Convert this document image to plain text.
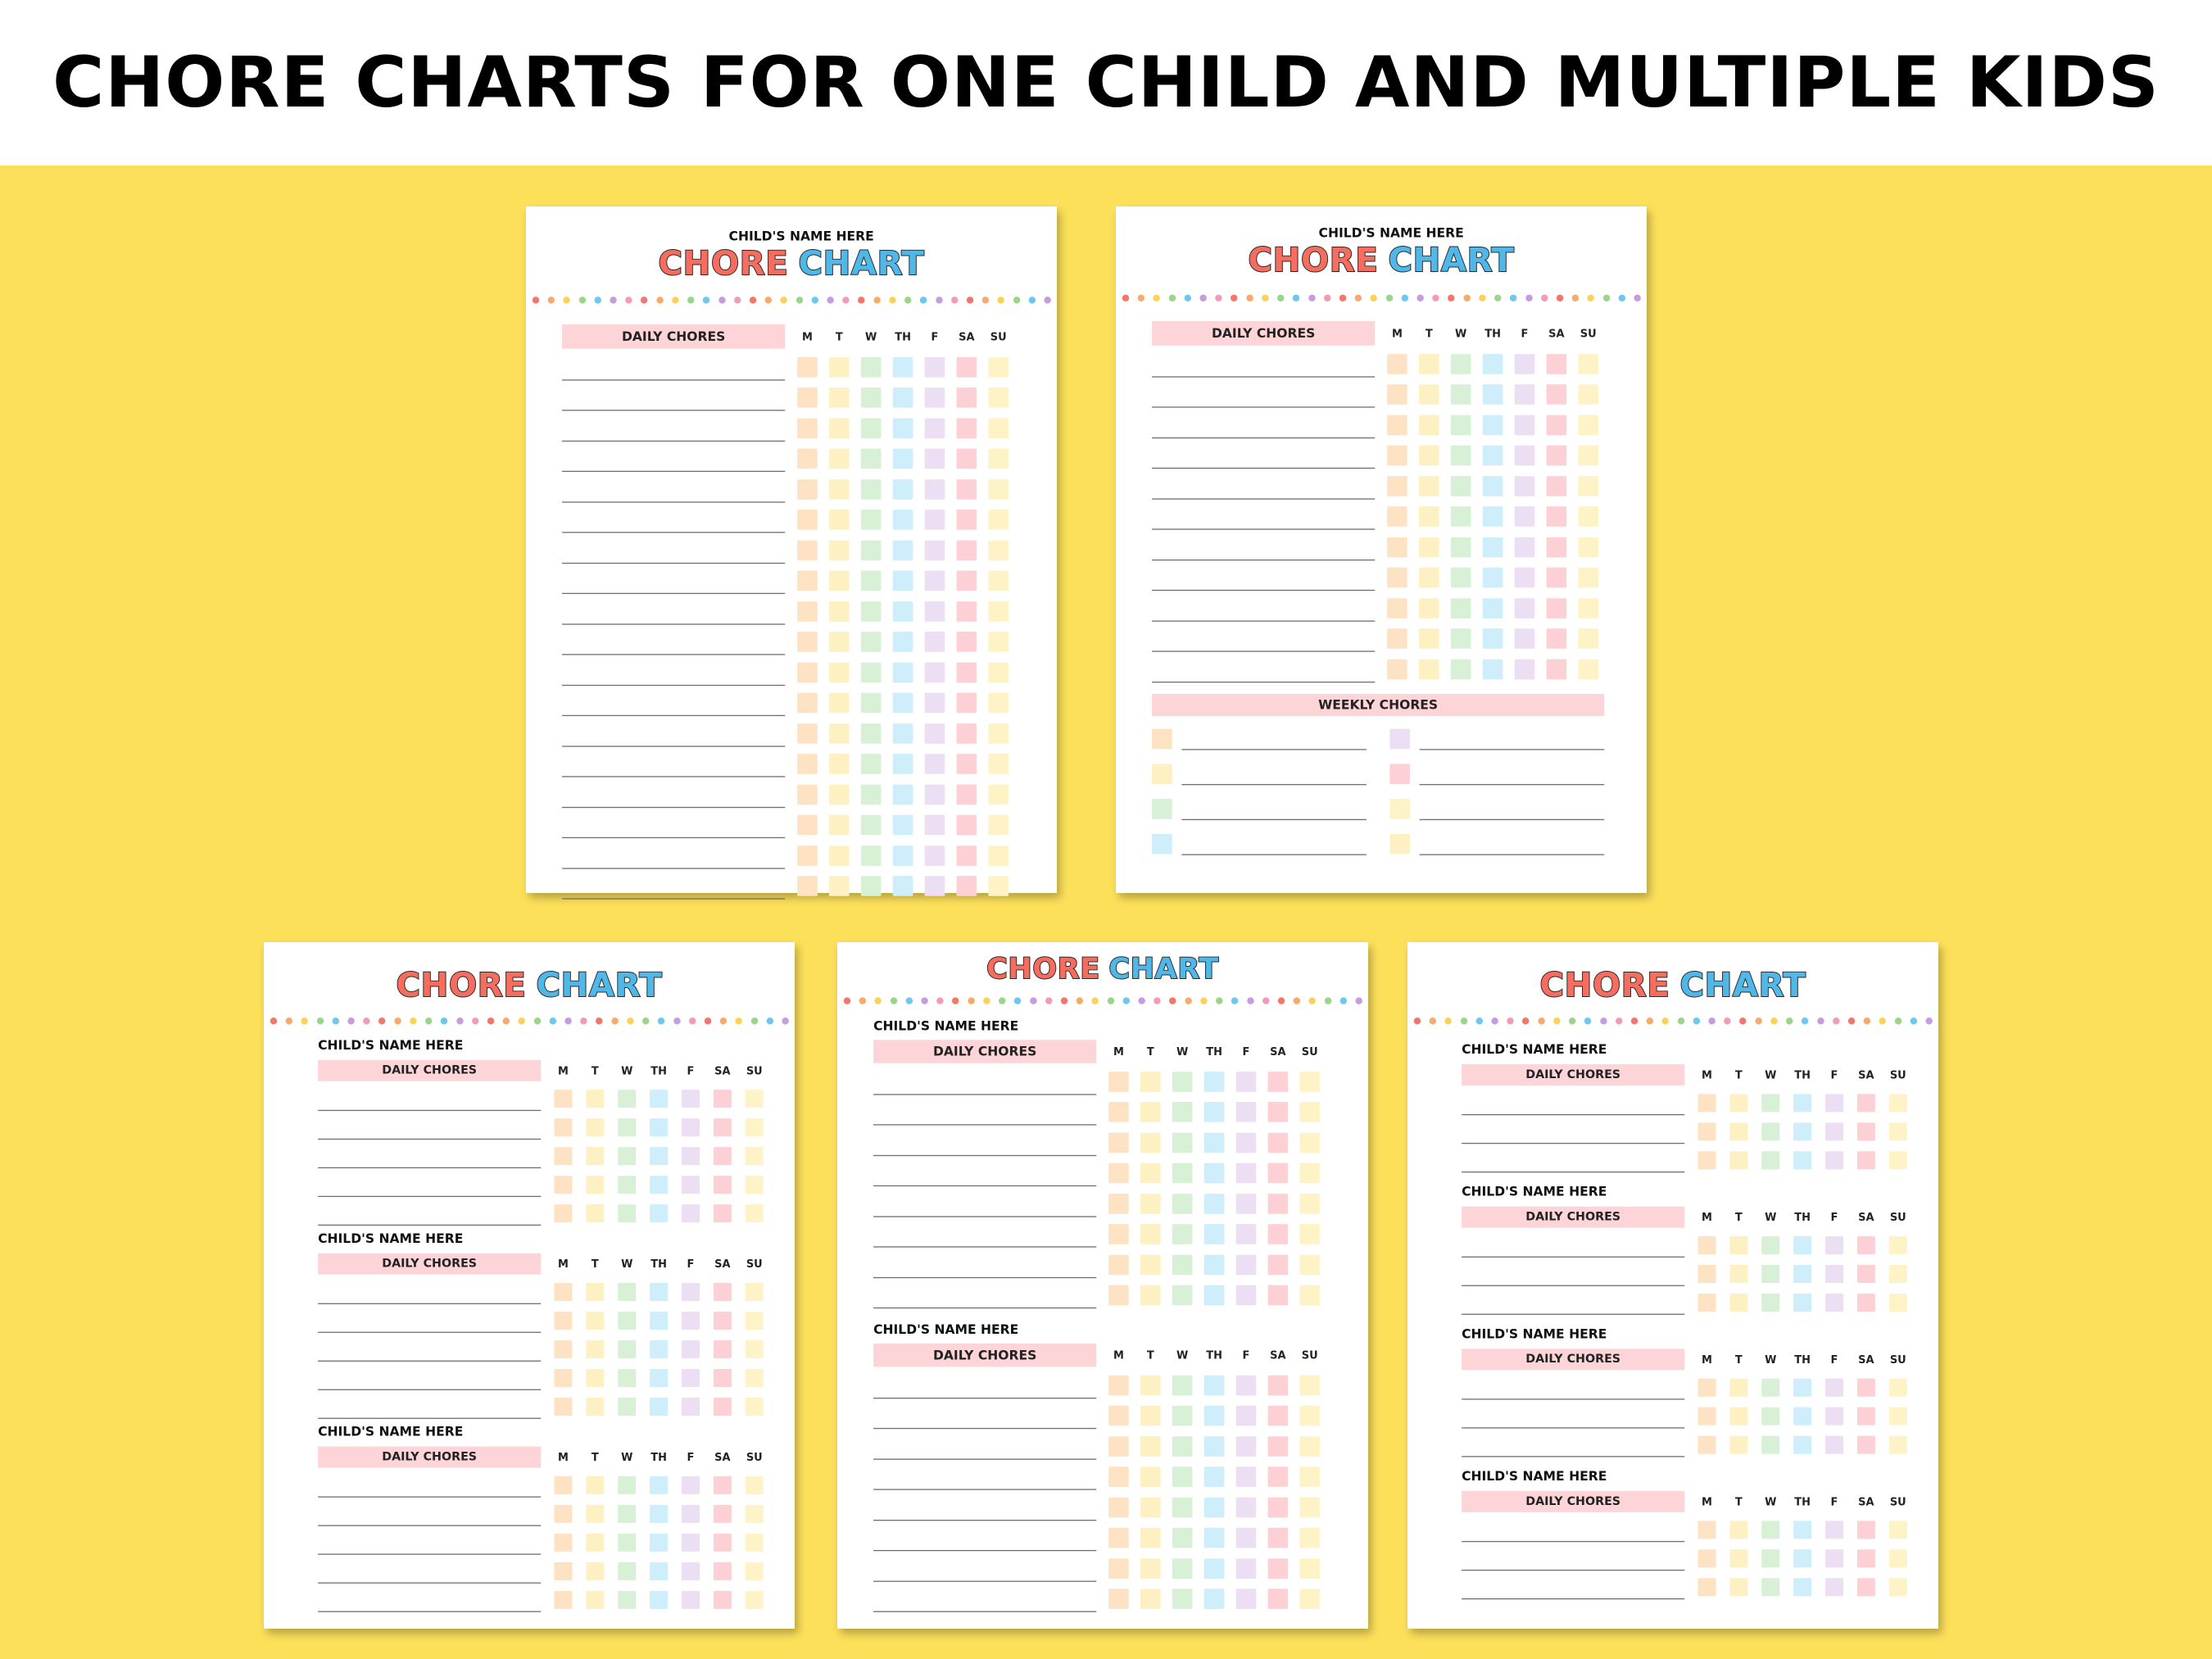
CHORE CHARTS FOR ONE CHILD AND MULTIPLE KIDS
CHILD'S NAME HERE
CHORE CHART
DAILY CHORES	M	T	W	TH	F	SA SU
CHILD'S NAME HERE
CHORE CHART
DAILY CHORES	M	T	W	TH	F	SA SU
WEEKLY CHORES
CHORE CHART
CHILD'S NAME HERE
DAILY CHORES	M	T	W	TH	F	SA SU
CHILD'S NAME HERE
DAILY CHORES	M	T	W	TH	F	SA SU
CHILD'S NAME HERE
DAILY CHORES	M	T	W	TH	F	SA SU
CHORE CHART
CHILD'S NAME HERE
DAILY CHORES	M	T	W	TH	F	SA SU
CHILD'S NAME HERE
DAILY CHORES	M	T	W	TH	F	SA SU
CHORE CHART
CHILD'S NAME HERE
DAILY CHORES	M	T	W	TH	F	SA SU
CHILD'S NAME HERE
DAILY CHORES	M	T	W	TH	F	SA SU
CHILD'S NAME HERE
DAILY CHORES	M	T	W	TH	F	SA SU
CHILD'S NAME HERE
DAILY CHORES	M	T	W	TH	F	SA SU
